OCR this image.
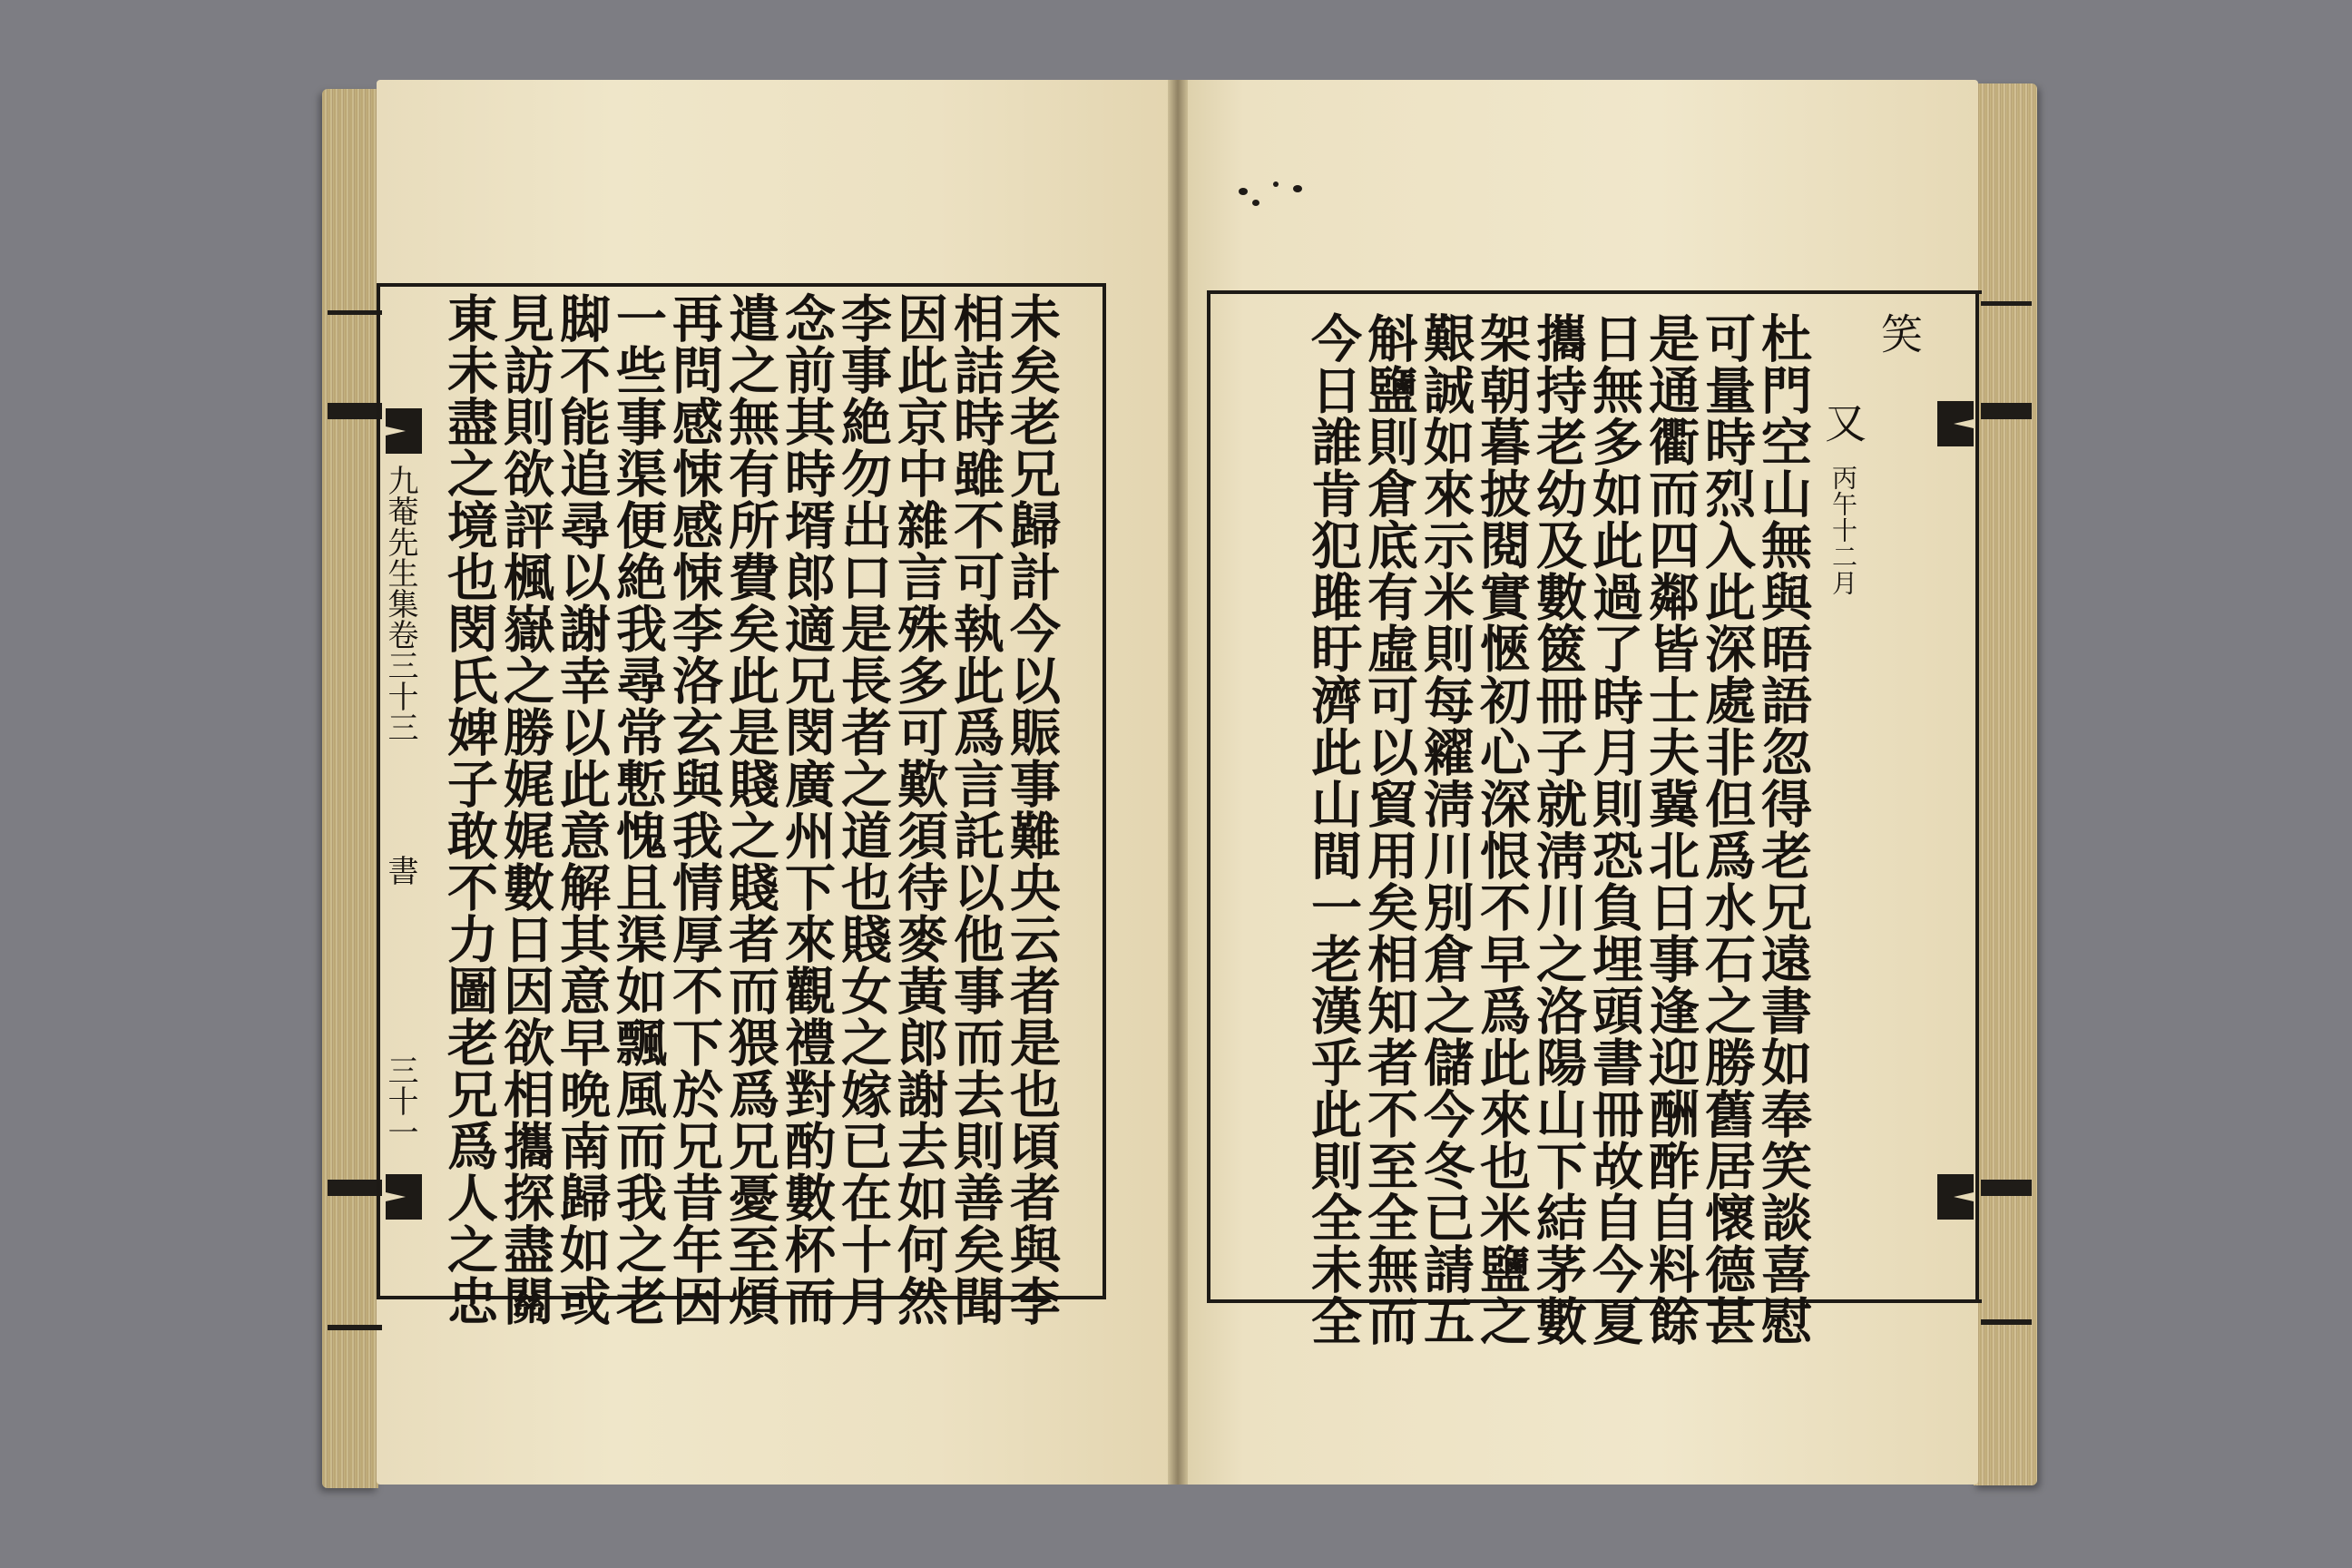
九菴先生集卷三十三
書
三十一	未矣老兄歸計今以賑事難央云者是也頃者與李
相詰時雖不可執此爲言託以他事而去則善矣聞
因此京中雜言殊多可歎須待麥黃郎謝去如何然
李事絶勿出口是長者之道也賤女之嫁已在十月
念前其時壻郎適兄閔廣州下來觀禮對酌數杯而
遣之無有所費矣此是賤之賤者而猥爲兄憂至煩
再問感悚感悚李洛玄與我情厚不下於兄昔年因
一些事渠便絶我尋常慙愧且渠如飄風而我之老
脚不能追尋以謝幸以此意解其意早晩南歸如或
見訪則欲評楓嶽之勝娓娓數日因欲相攜探盡關
東未盡之境也閔氏婢子敢不力圖老兄爲人之忠	笑
又
丙午十二月
杜門空山無與晤語忽得老兄遠書如奉笑談喜慰
可量時烈入此深處非但爲水石之勝舊居懷德甚
是通衢而四鄰皆士夫冀北日事逢迎酬酢自料餘
日無多如此過了時月則恐負埋頭書冊故自今夏
攜持老幼及數篋冊子就淸川之洛陽山下結茅數
架朝暮披閱實愜初心深恨不早爲此來也米鹽之
艱誠如來示米則每糴淸川別倉之儲今冬已請五
斛鹽則倉底有虛可以貿用矣相知者不至全無而
今日誰肯犯雎盱濟此山間一老漢乎此則全未全
